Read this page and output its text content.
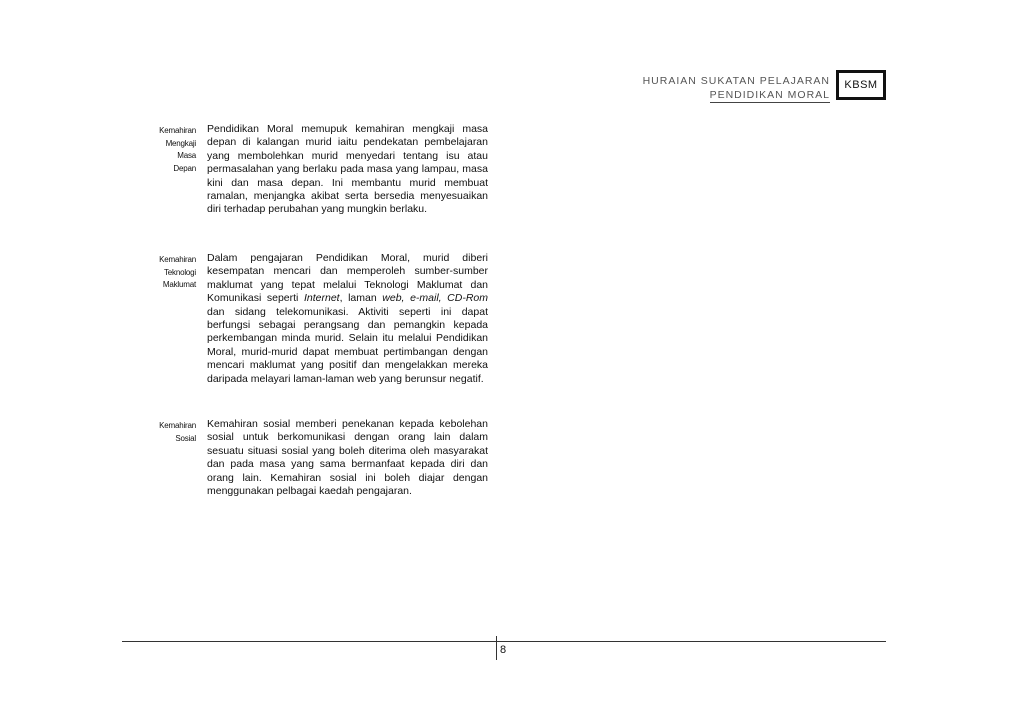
HURAIAN SUKATAN PELAJARAN
PENDIDIKAN MORAL
KBSM
Kemahiran
Mengkaji
Masa
Depan
Pendidikan Moral memupuk kemahiran mengkaji masa depan di kalangan murid iaitu pendekatan pembelajaran yang membolehkan murid menyedari tentang isu atau permasalahan yang berlaku pada masa yang lampau, masa kini dan masa depan. Ini membantu murid membuat ramalan, menjangka akibat serta bersedia menyesuaikan diri terhadap perubahan yang mungkin berlaku.
Kemahiran
Teknologi
Maklumat
Dalam pengajaran Pendidikan Moral, murid diberi kesempatan mencari dan memperoleh sumber-sumber maklumat yang tepat melalui Teknologi Maklumat dan Komunikasi seperti Internet, laman web, e-mail, CD-Rom dan sidang telekomunikasi. Aktiviti seperti ini dapat berfungsi sebagai perangsang dan pemangkin kepada perkembangan minda murid. Selain itu melalui Pendidikan Moral, murid-murid dapat membuat pertimbangan dengan mencari maklumat yang positif dan mengelakkan mereka daripada melayari laman-laman web yang berunsur negatif.
Kemahiran
Sosial
Kemahiran sosial memberi penekanan kepada kebolehan sosial untuk berkomunikasi dengan orang lain dalam sesuatu situasi sosial yang boleh diterima oleh masyarakat dan pada masa yang sama bermanfaat kepada diri dan orang lain. Kemahiran sosial ini boleh diajar dengan menggunakan pelbagai kaedah pengajaran.
8
